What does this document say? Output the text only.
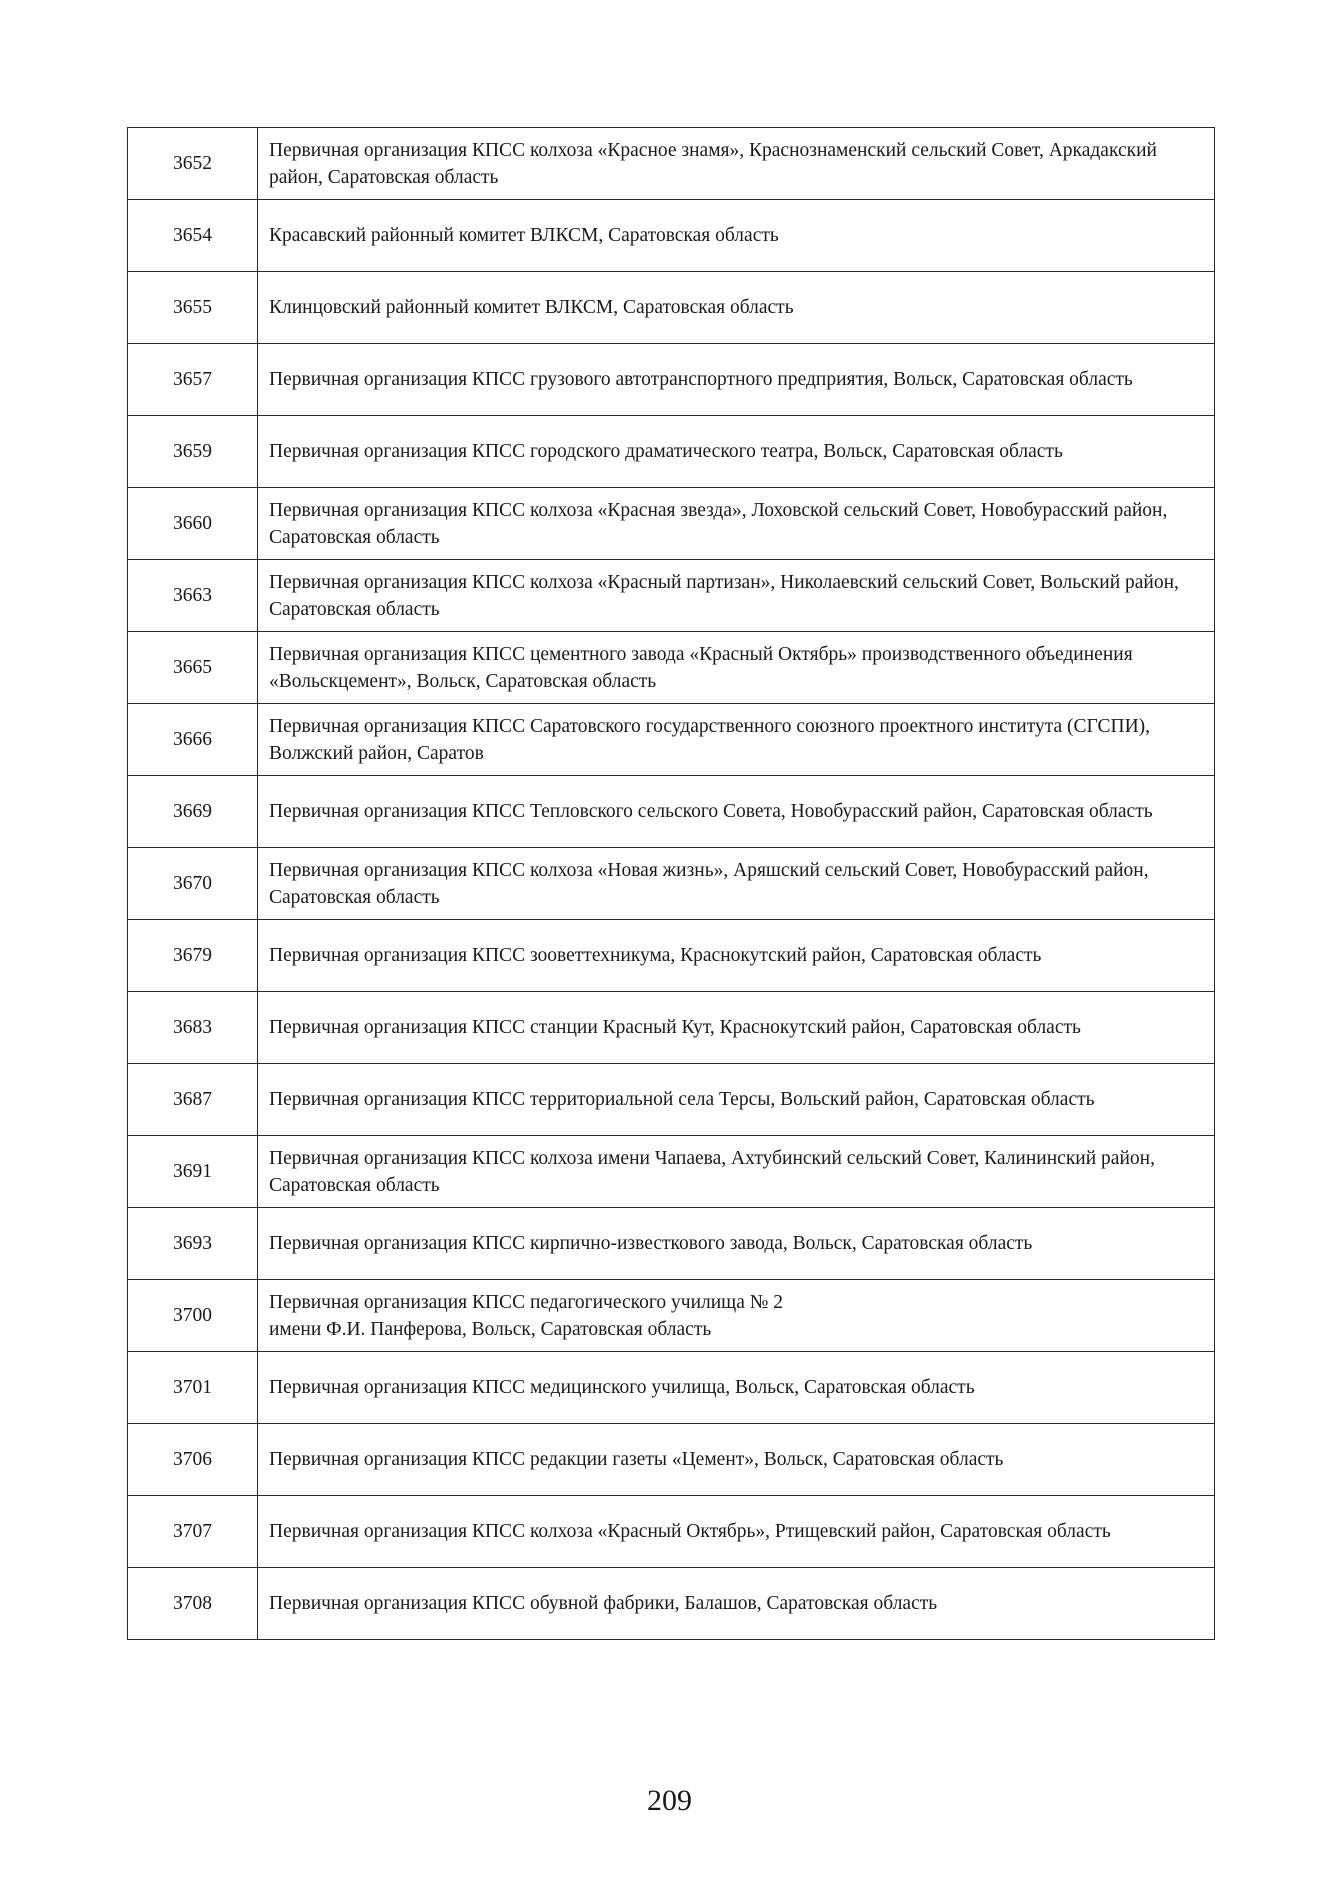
3652	Первичная организация КПСС колхоза «Красное знамя», Краснознаменский сельский Совет, Аркадакский район, Саратовская область
3654	Красавский районный комитет ВЛКСМ, Саратовская область
3655	Клинцовский районный комитет ВЛКСМ, Саратовская область
3657	Первичная организация КПСС грузового автотранспортного предприятия, Вольск, Саратовская область
3659	Первичная организация КПСС городского драматического театра, Вольск, Саратовская область
3660	Первичная организация КПСС колхоза «Красная звезда», Лоховской сельский Совет, Новобурасский район, Саратовская область
3663	Первичная организация КПСС колхоза «Красный партизан», Николаевский сельский Совет, Вольский район, Саратовская область
3665	Первичная организация КПСС цементного завода «Красный Октябрь» производственного объединения «Вольскцемент», Вольск, Саратовская область
3666	Первичная организация КПСС Саратовского государственного союзного проектного института (СГСПИ), Волжский район, Саратов
3669	Первичная организация КПСС Тепловского сельского Совета, Новобурасский район, Саратовская область
3670	Первичная организация КПСС колхоза «Новая жизнь», Аряшский сельский Совет, Новобурасский район, Саратовская область
3679	Первичная организация КПСС зооветтехникума, Краснокутский район, Саратовская область
3683	Первичная организация КПСС станции Красный Кут, Краснокутский район, Саратовская область
3687	Первичная организация КПСС территориальной села Терсы, Вольский район, Саратовская область
3691	Первичная организация КПСС колхоза имени Чапаева, Ахтубинский сельский Совет, Калининский район, Саратовская область
3693	Первичная организация КПСС кирпично-известкового завода, Вольск, Саратовская область
3700	Первичная организация КПСС педагогического училища № 2
имени Ф.И. Панферова, Вольск, Саратовская область
3701	Первичная организация КПСС медицинского училища, Вольск, Саратовская область
3706	Первичная организация КПСС редакции газеты «Цемент», Вольск, Саратовская область
3707	Первичная организация КПСС колхоза «Красный Октябрь», Ртищевский район, Саратовская область
3708	Первичная организация КПСС обувной фабрики, Балашов, Саратовская область
209
